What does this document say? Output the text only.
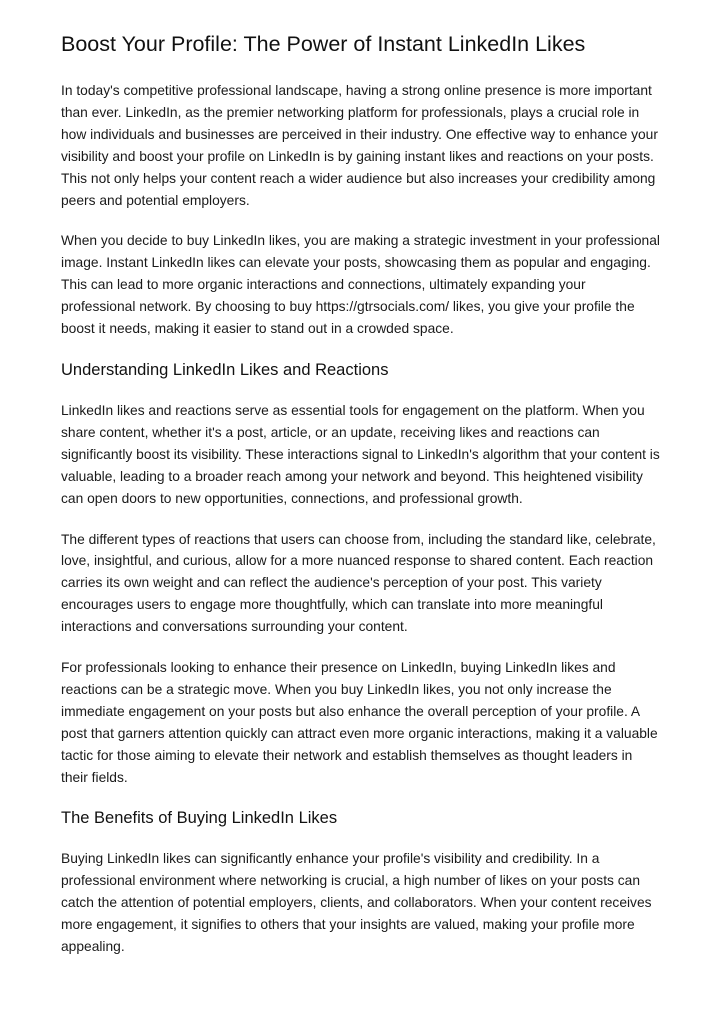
Boost Your Profile: The Power of Instant LinkedIn Likes

In today's competitive professional landscape, having a strong online presence is more important than ever. LinkedIn, as the premier networking platform for professionals, plays a crucial role in how individuals and businesses are perceived in their industry. One effective way to enhance your visibility and boost your profile on LinkedIn is by gaining instant likes and reactions on your posts. This not only helps your content reach a wider audience but also increases your credibility among peers and potential employers.

When you decide to buy LinkedIn likes, you are making a strategic investment in your professional image. Instant LinkedIn likes can elevate your posts, showcasing them as popular and engaging. This can lead to more organic interactions and connections, ultimately expanding your professional network. By choosing to buy https://gtrsocials.com/ likes, you give your profile the boost it needs, making it easier to stand out in a crowded space.

Understanding LinkedIn Likes and Reactions

LinkedIn likes and reactions serve as essential tools for engagement on the platform. When you share content, whether it's a post, article, or an update, receiving likes and reactions can significantly boost its visibility. These interactions signal to LinkedIn's algorithm that your content is valuable, leading to a broader reach among your network and beyond. This heightened visibility can open doors to new opportunities, connections, and professional growth.

The different types of reactions that users can choose from, including the standard like, celebrate, love, insightful, and curious, allow for a more nuanced response to shared content. Each reaction carries its own weight and can reflect the audience's perception of your post. This variety encourages users to engage more thoughtfully, which can translate into more meaningful interactions and conversations surrounding your content.

For professionals looking to enhance their presence on LinkedIn, buying LinkedIn likes and reactions can be a strategic move. When you buy LinkedIn likes, you not only increase the immediate engagement on your posts but also enhance the overall perception of your profile. A post that garners attention quickly can attract even more organic interactions, making it a valuable tactic for those aiming to elevate their network and establish themselves as thought leaders in their fields.

The Benefits of Buying LinkedIn Likes

Buying LinkedIn likes can significantly enhance your profile's visibility and credibility. In a professional environment where networking is crucial, a high number of likes on your posts can catch the attention of potential employers, clients, and collaborators. When your content receives more engagement, it signifies to others that your insights are valued, making your profile more appealing.
